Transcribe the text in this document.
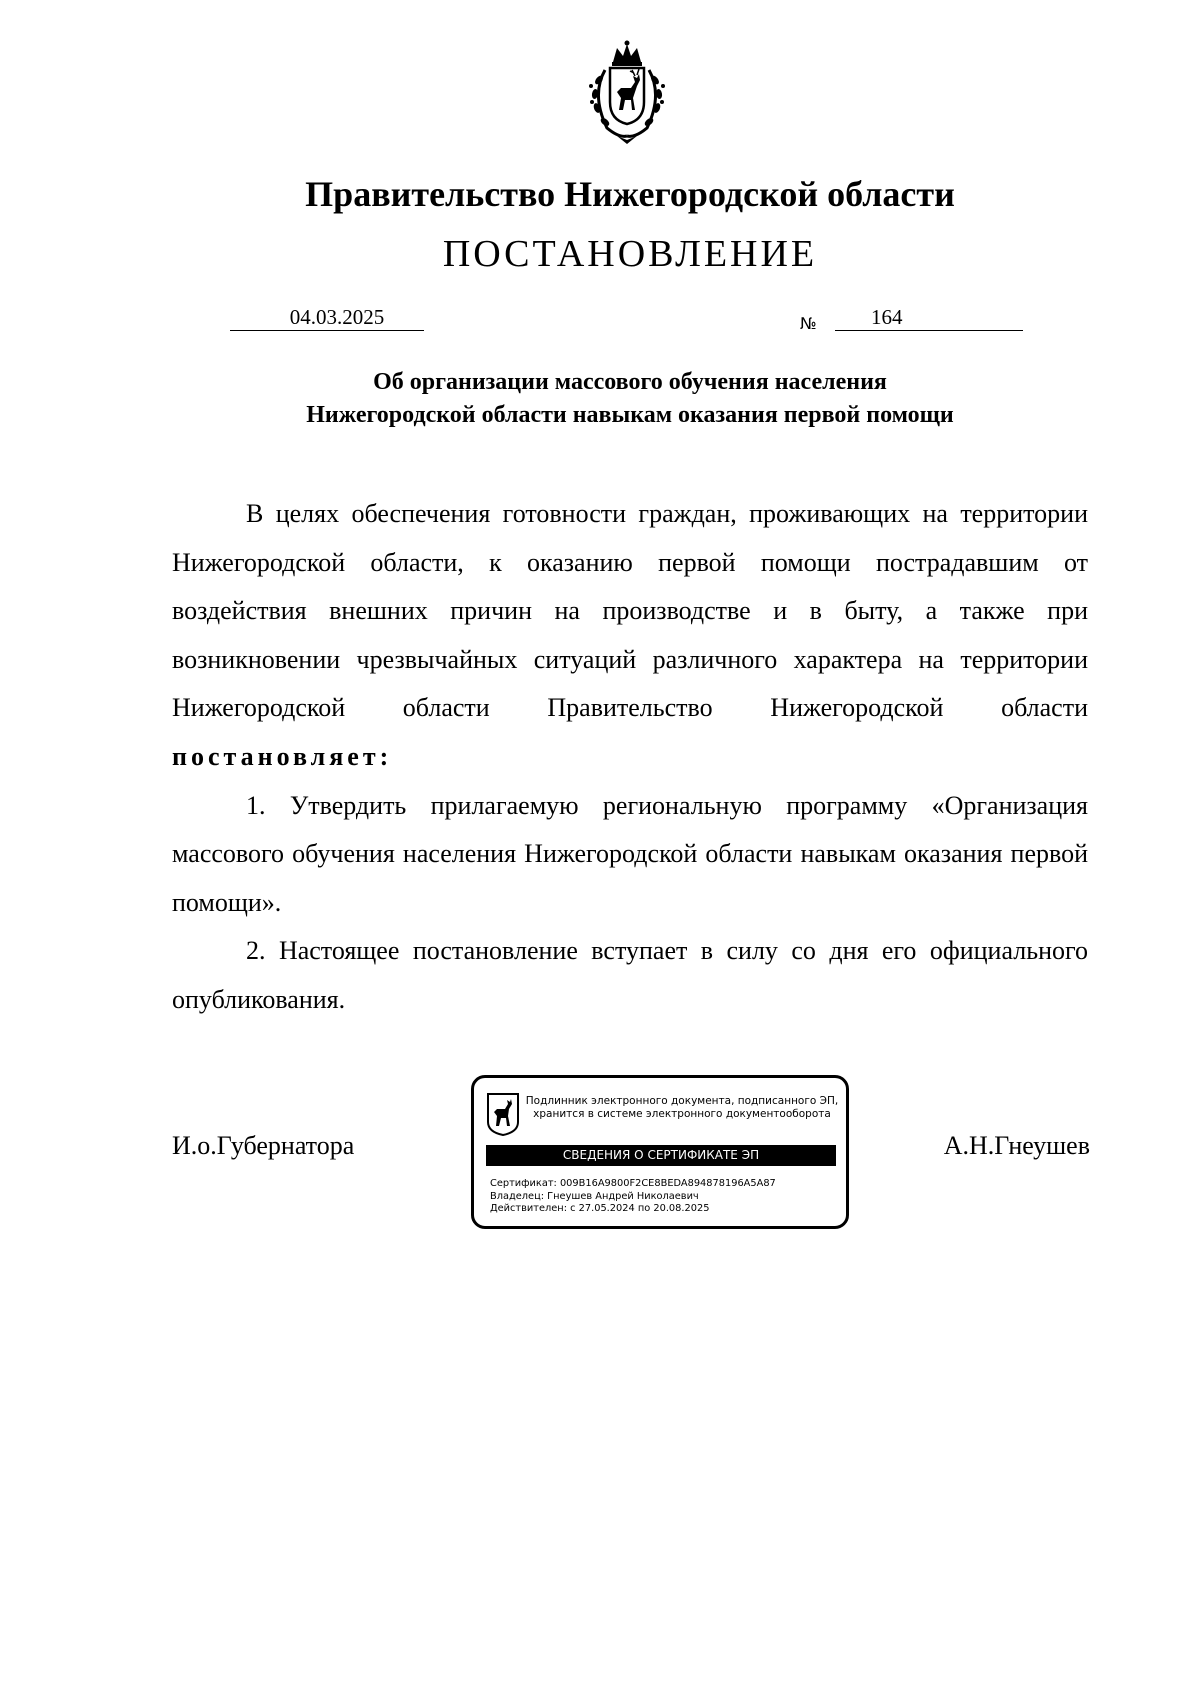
Правительство Нижегородской области
ПОСТАНОВЛЕНИЕ
04.03.2025	№	164
Об организации массового обучения населения
Нижегородской области навыкам оказания первой помощи

В целях обеспечения готовности граждан, проживающих на территории Нижегородской области, к оказанию первой помощи пострадавшим от воздействия внешних причин на производстве и в быту, а также при возникновении чрезвычайных ситуаций различного характера на территории Нижегородской области Правительство Нижегородской области постановляет:

1. Утвердить прилагаемую региональную программу «Организация массового обучения населения Нижегородской области навыкам оказания первой помощи».

2. Настоящее постановление вступает в силу со дня его официального опубликования.

И.о.Губернатора
Подлинник электронного документа, подписанного ЭП,
хранится в системе электронного документооборота
СВЕДЕНИЯ О СЕРТИФИКАТЕ ЭП
Сертификат: 009B16A9800F2CE8BEDA894878196A5A87
Владелец: Гнеушев Андрей Николаевич
Действителен: с 27.05.2024 по 20.08.2025
А.Н.Гнеушев
